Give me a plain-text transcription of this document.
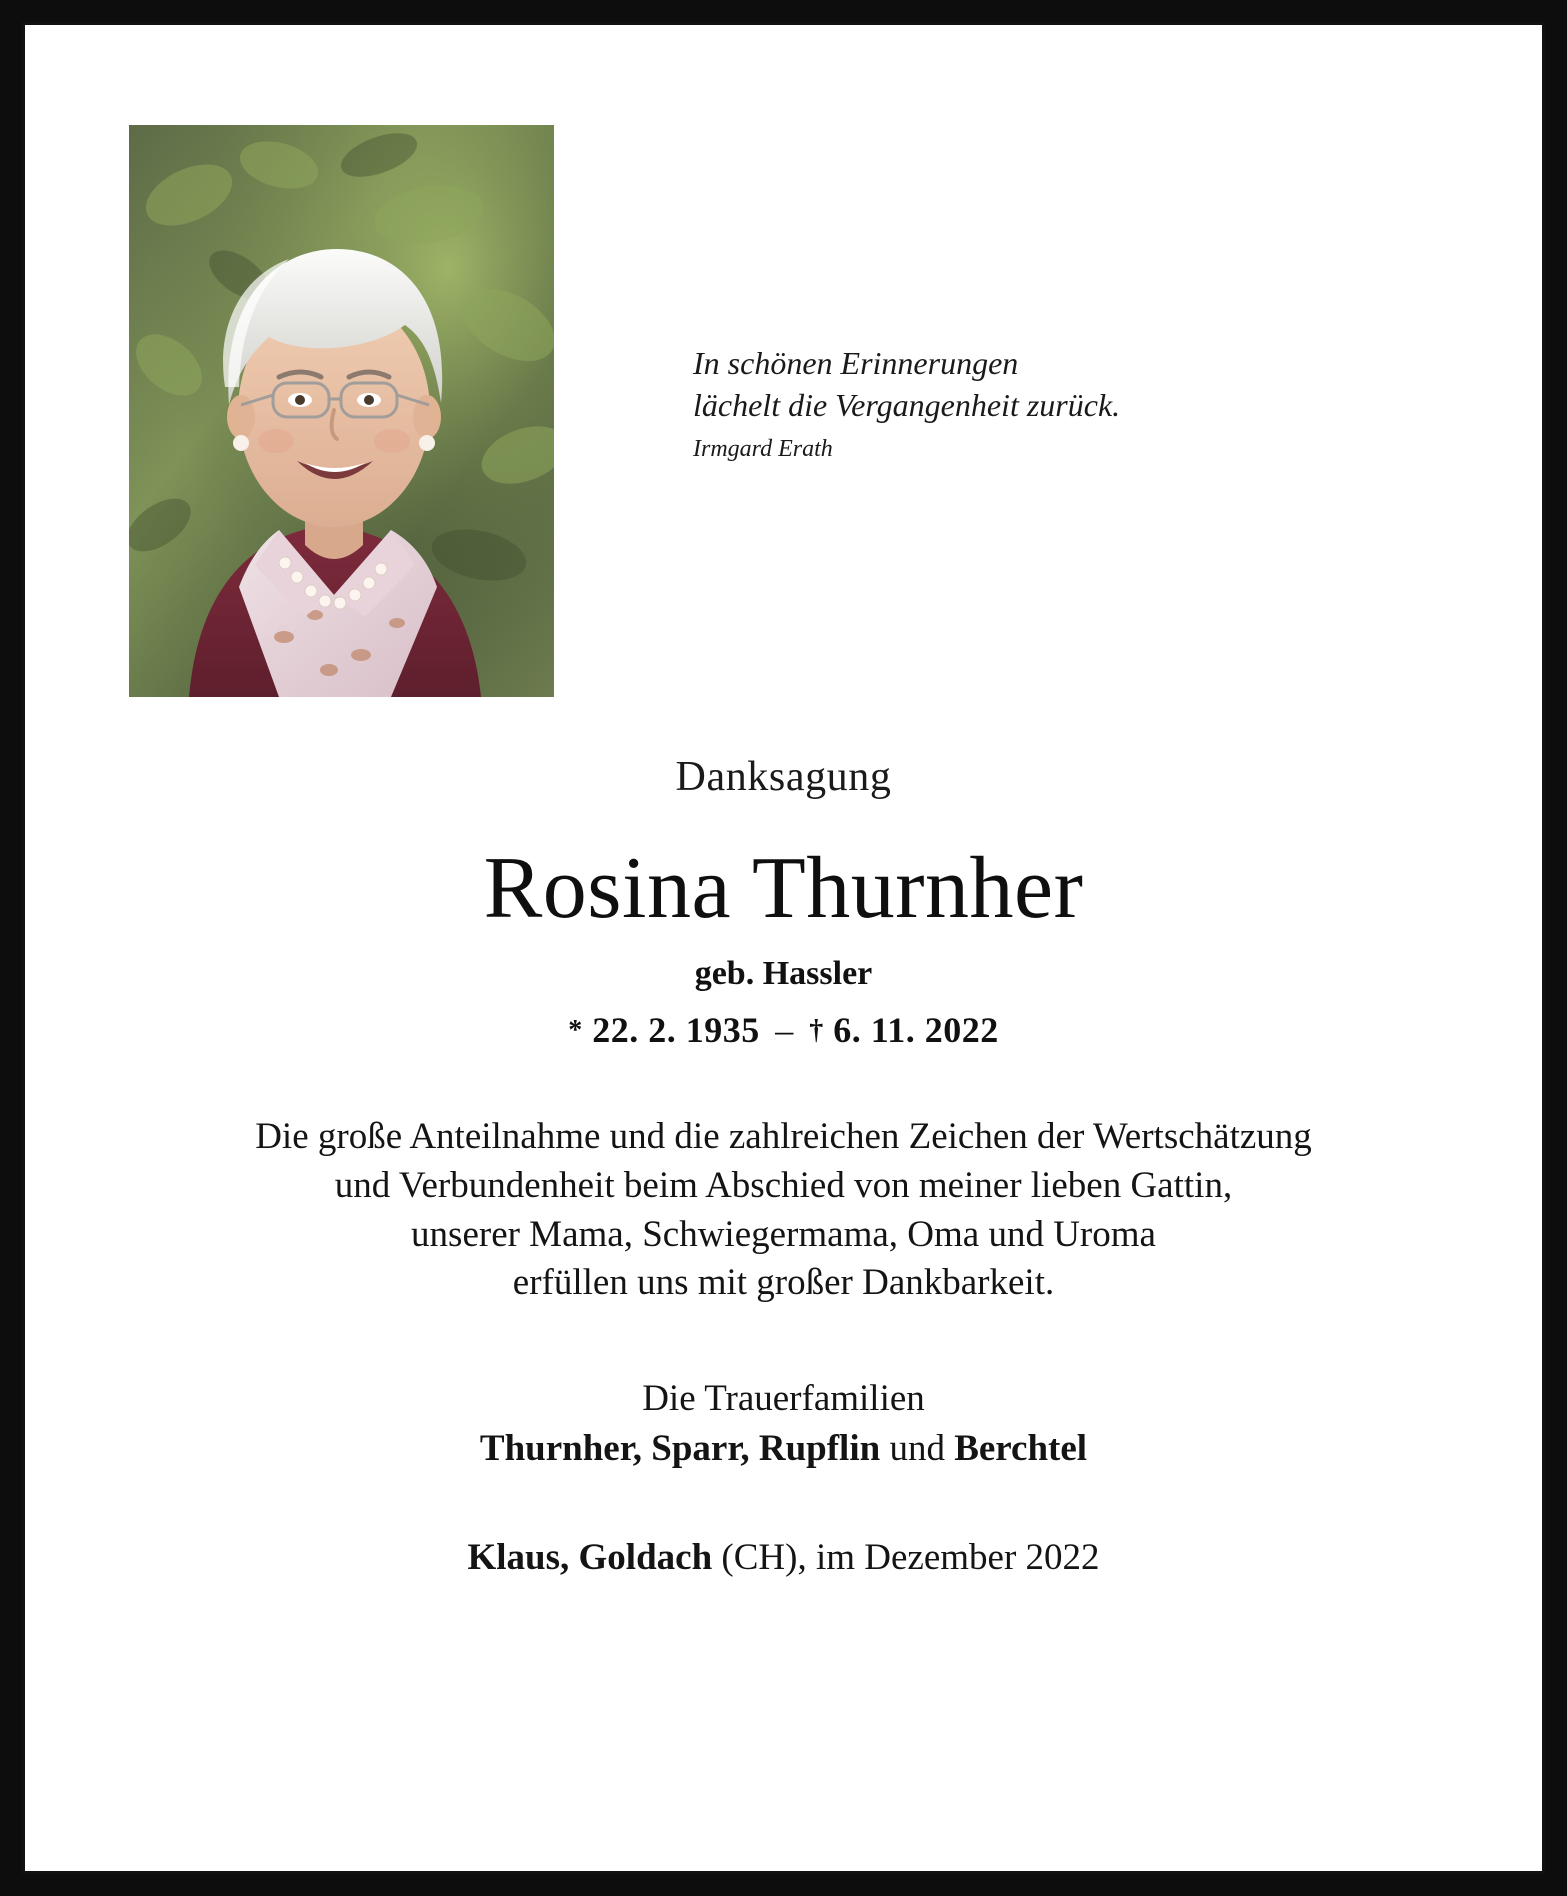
In schönen Erinnerungen
lächelt die Vergangenheit zurück.
Irmgard Erath
Danksagung
Rosina Thurnher
geb. Hassler
* 22. 2. 1935 – † 6. 11. 2022
Die große Anteilnahme und die zahlreichen Zeichen der Wertschätzung
und Verbundenheit beim Abschied von meiner lieben Gattin,
unserer Mama, Schwiegermama, Oma und Uroma
erfüllen uns mit großer Dankbarkeit.
Die Trauerfamilien
Thurnher, Sparr, Rupflin und Berchtel
Klaus, Goldach (CH), im Dezember 2022
